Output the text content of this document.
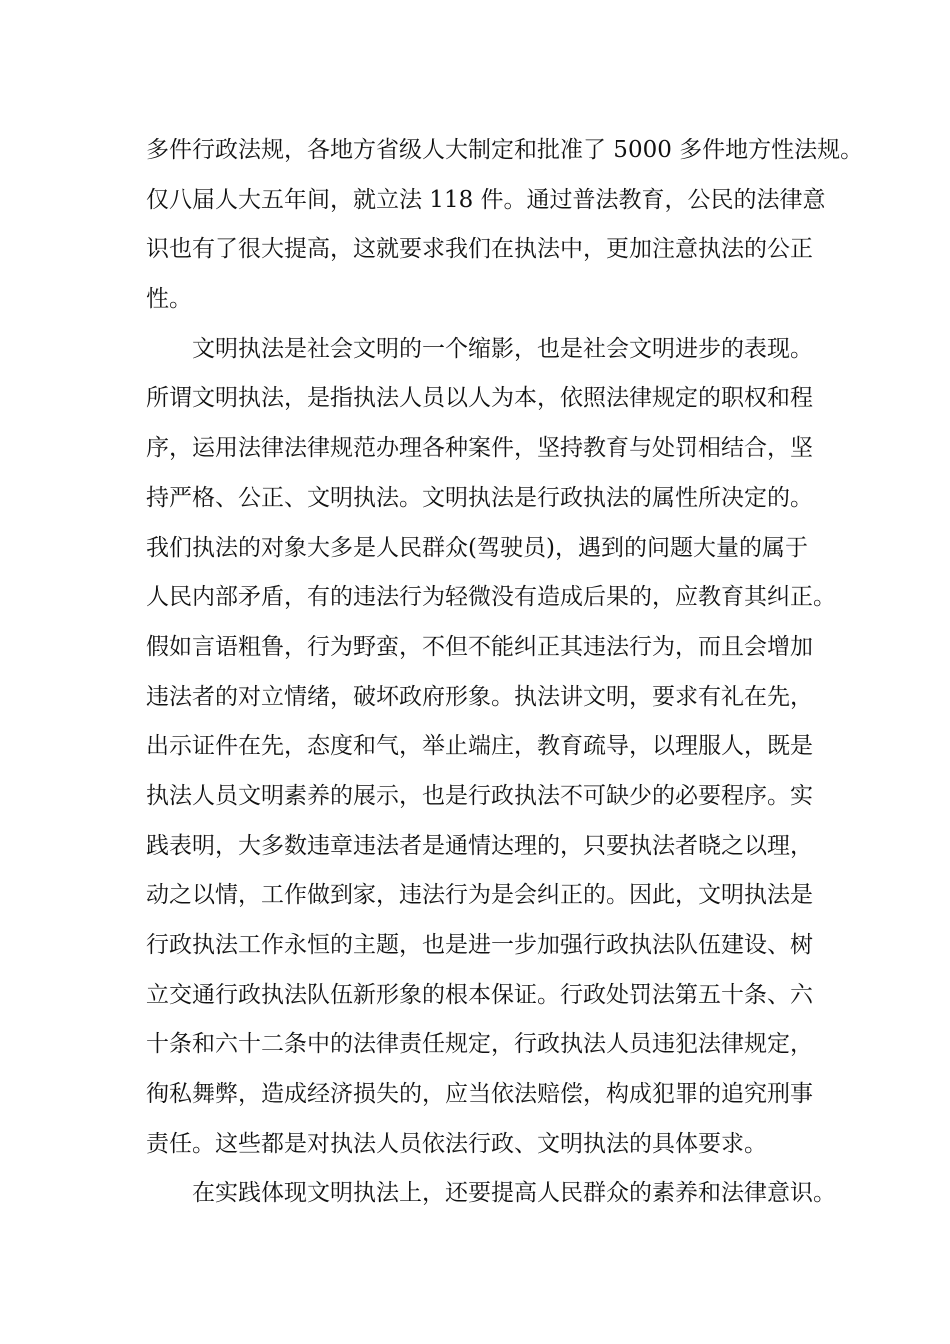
多件行政法规，各地方省级人大制定和批准了 5000 多件地方性法规。
仅八届人大五年间，就立法 118 件。通过普法教育，公民的法律意
识也有了很大提高，这就要求我们在执法中，更加注意执法的公正
性。
文明执法是社会文明的一个缩影，也是社会文明进步的表现。
所谓文明执法，是指执法人员以人为本，依照法律规定的职权和程
序，运用法律法律规范办理各种案件，坚持教育与处罚相结合，坚
持严格、公正、文明执法。文明执法是行政执法的属性所决定的。
我们执法的对象大多是人民群众(驾驶员)，遇到的问题大量的属于
人民内部矛盾，有的违法行为轻微没有造成后果的，应教育其纠正。
假如言语粗鲁，行为野蛮，不但不能纠正其违法行为，而且会增加
违法者的对立情绪，破坏政府形象。执法讲文明，要求有礼在先，
出示证件在先，态度和气，举止端庄，教育疏导，以理服人，既是
执法人员文明素养的展示，也是行政执法不可缺少的必要程序。实
践表明，大多数违章违法者是通情达理的，只要执法者晓之以理，
动之以情，工作做到家，违法行为是会纠正的。因此，文明执法是
行政执法工作永恒的主题，也是进一步加强行政执法队伍建设、树
立交通行政执法队伍新形象的根本保证。行政处罚法第五十条、六
十条和六十二条中的法律责任规定，行政执法人员违犯法律规定，
徇私舞弊，造成经济损失的，应当依法赔偿，构成犯罪的追究刑事
责任。这些都是对执法人员依法行政、文明执法的具体要求。
在实践体现文明执法上，还要提高人民群众的素养和法律意识。
